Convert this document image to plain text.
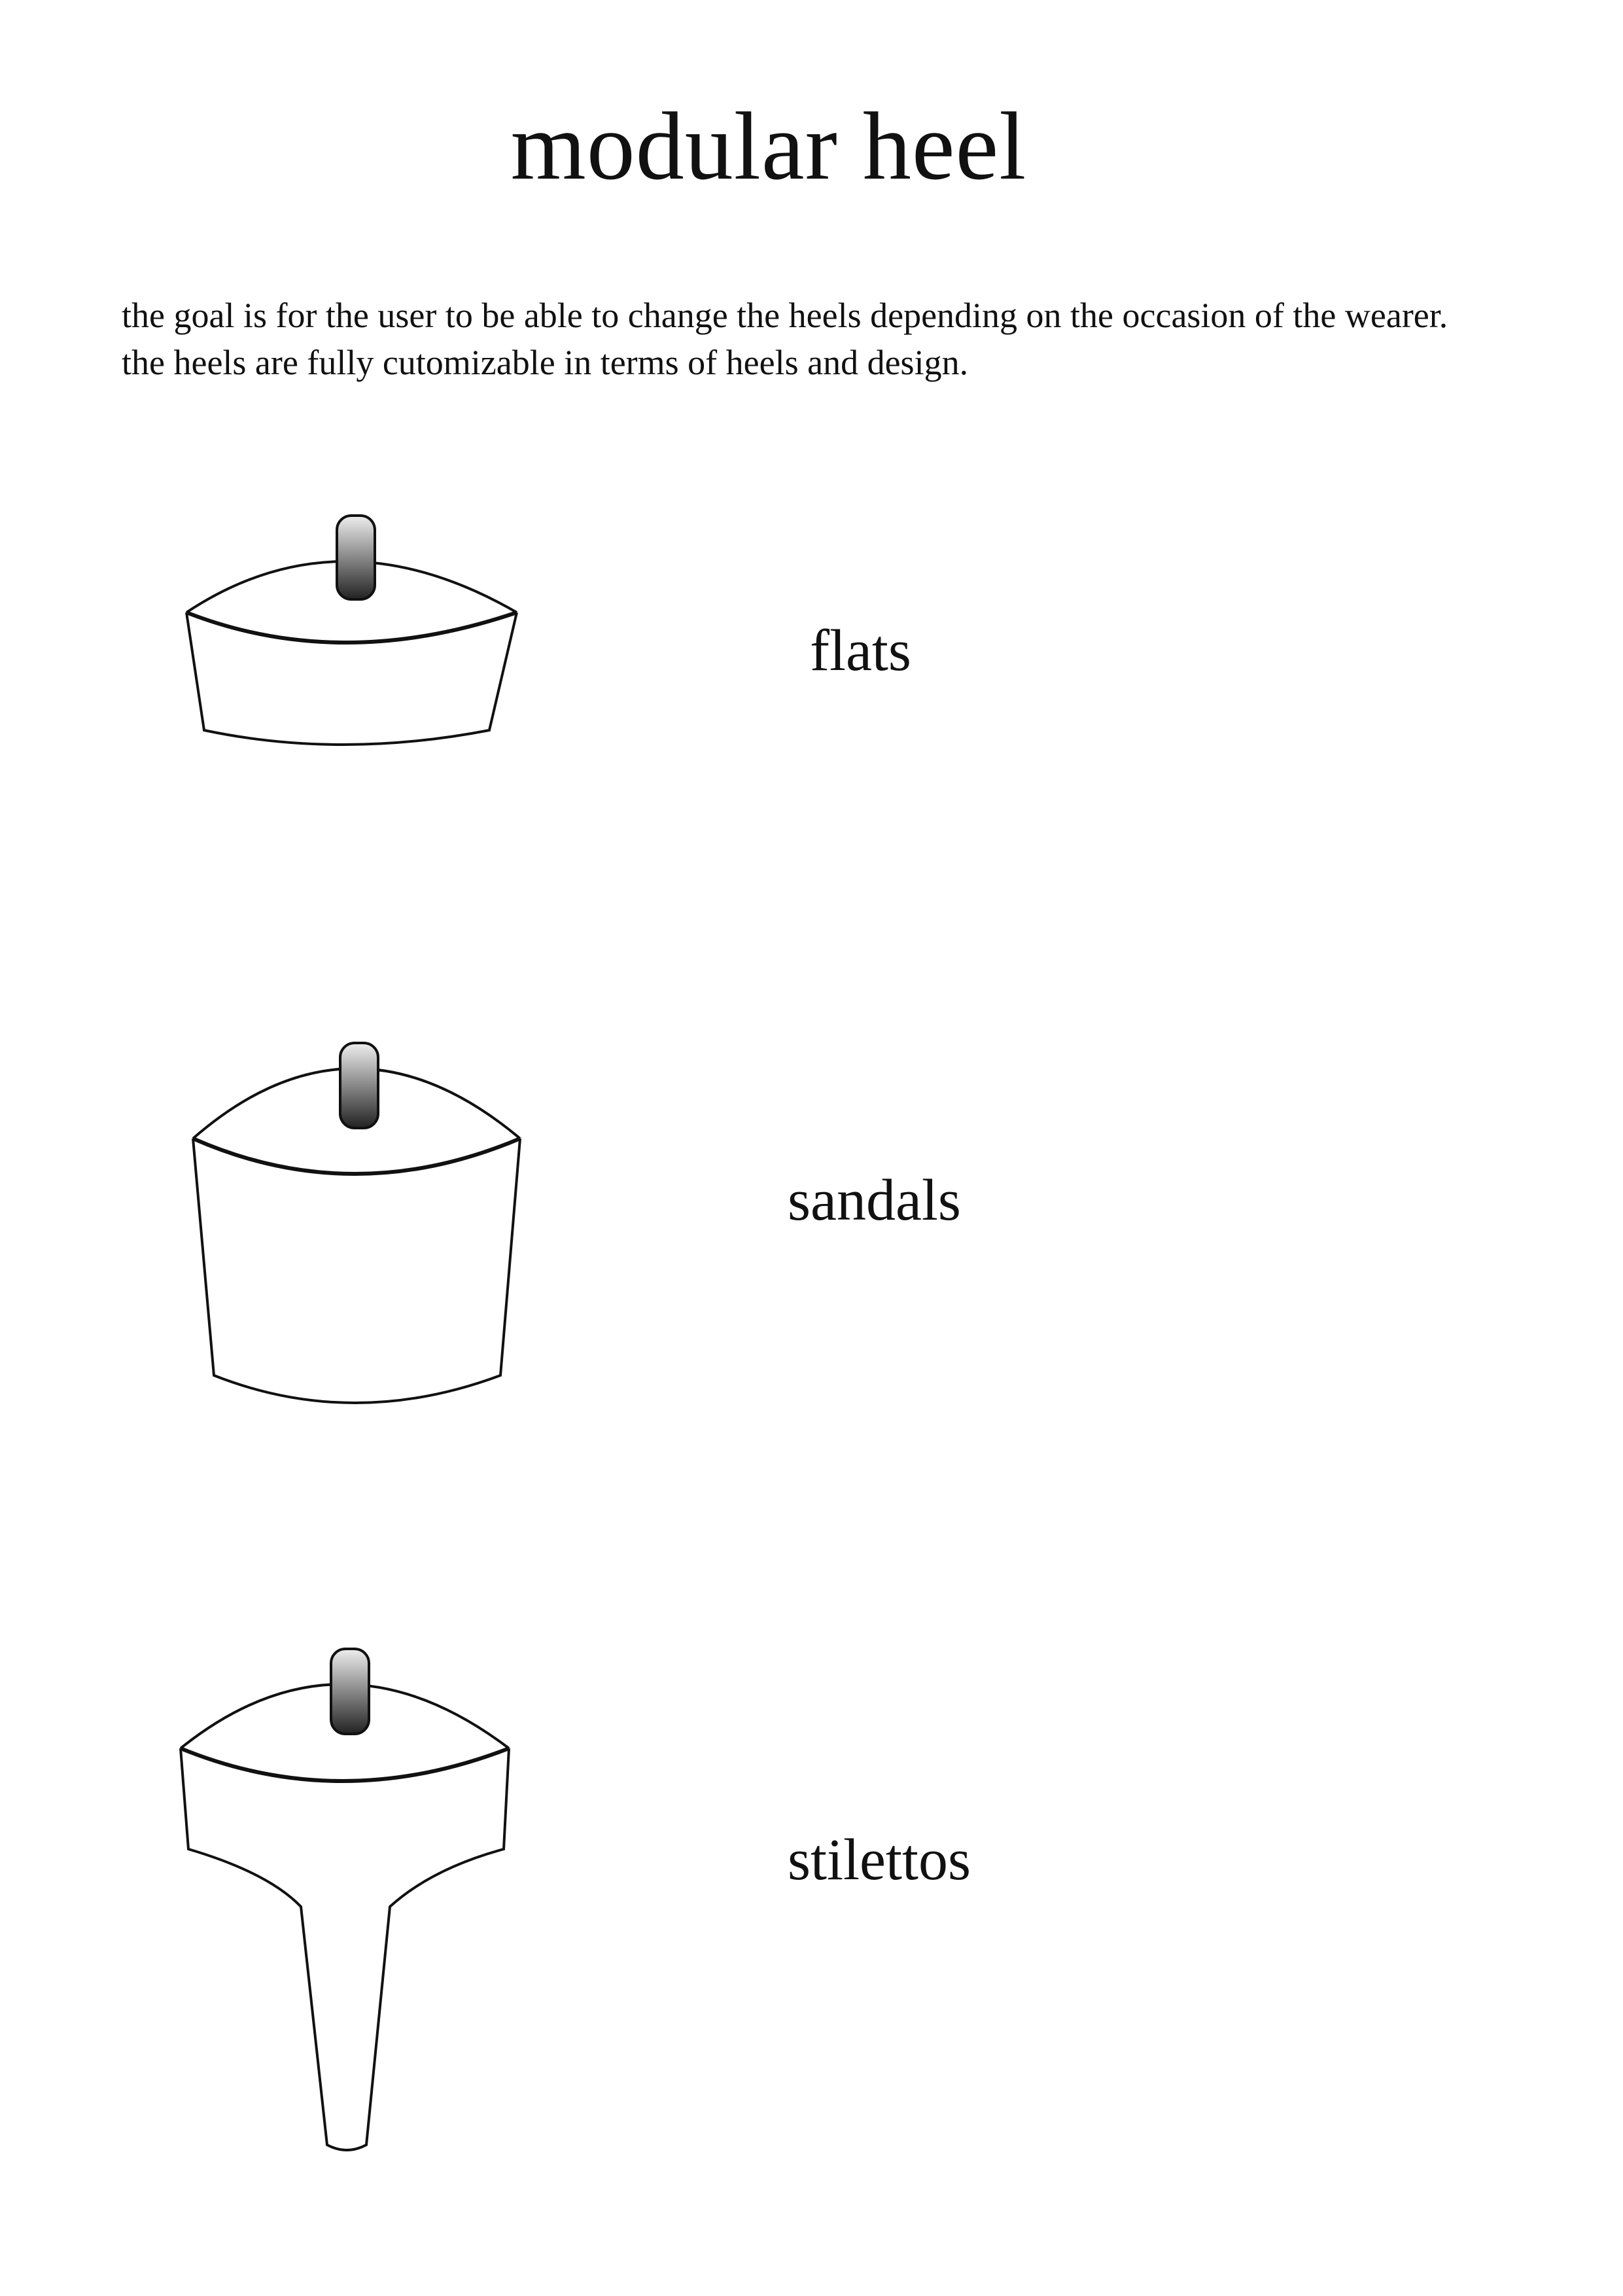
modular heel
the goal is for the user to be able to change the heels depending on the occasion of the wearer.
the heels are fully cutomizable in terms of heels and design.
flats
sandals
stilettos
